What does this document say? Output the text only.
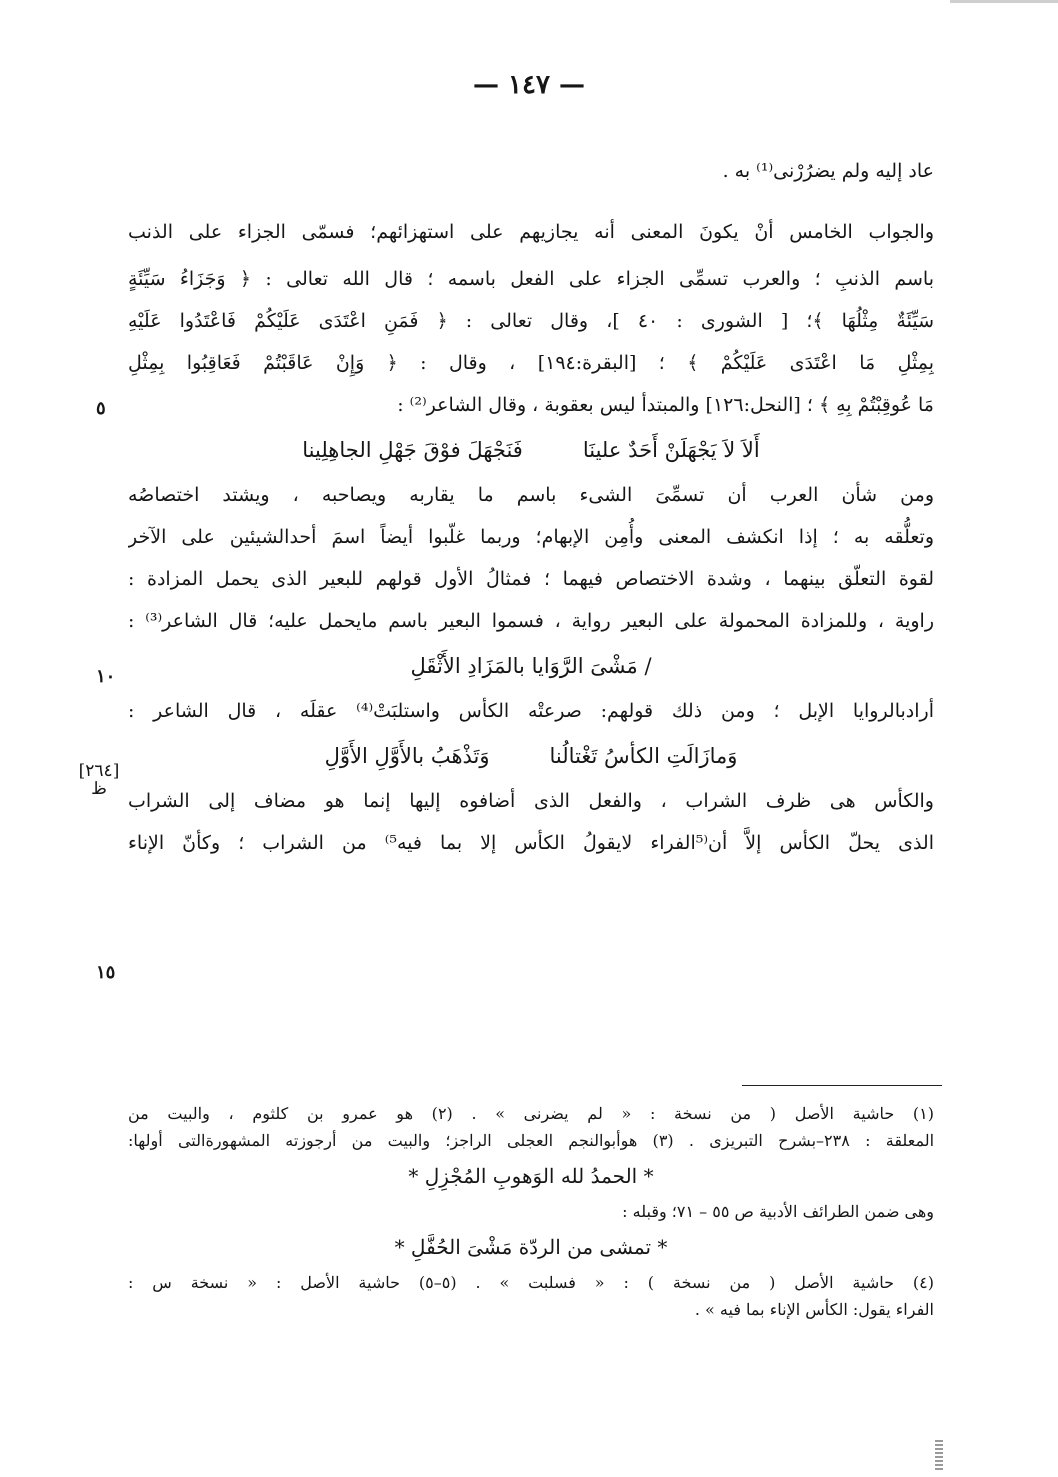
— ١٤٧ —
عاد إليه ولم يضرُرْنى⁽¹⁾ به .
والجواب الخامس أنْ يكونَ المعنى أنه يجازيهم على استهزائهم؛ فسمّى الجزاء على الذنب
باسم الذنبِ ؛ والعرب تسمِّى الجزاء على الفعل باسمه ؛ قال الله تعالى : ﴿ وَجَزَاءُ سَيِّئَةٍ
سَيِّئَةٌ مِثْلُهَا ﴾؛ [ الشورى : ٤٠ ]، وقال تعالى : ﴿ فَمَنِ اعْتَدَى عَلَيْكُمْ فَاعْتَدُوا عَلَيْهِ
بِمِثْلِ مَا اعْتَدَى عَلَيْكُمْ ﴾ ؛ [البقرة:١٩٤] ، وقال : ﴿ وَإِنْ عَاقَبْتُمْ فَعَاقِبُوا بِمِثْلِ
مَا عُوقِبْتُمْ بِهِ ﴾ ؛ [النحل:١٢٦] والمبتدأ ليس بعقوبة ، وقال الشاعر⁽²⁾ :
أَلاَ لاَ يَجْهَلَنْ أَحَدٌ علينَا
فَنَجْهَلَ فوْقَ جَهْلِ الجاهِلِينا
ومن شأن العرب أن تسمِّىَ الشىء باسم ما يقاربه ويصاحبه ، ويشتد اختصاصُه
وتعلُّقه به ؛ إذا انكشف المعنى وأُمِن الإبهام؛ وربما غلّبوا أيضاً اسمَ أحدالشيئين على الآخر
لقوة التعلّق بينهما ، وشدة الاختصاص فيهما ؛ فمثالُ الأول قولهم للبعير الذى يحمل المزادة :
راوية ، وللمزادة المحمولة على البعير رواية ، فسموا البعير باسم مايحمل عليه؛ قال الشاعر⁽³⁾ :
/ مَشْىَ الرَّوَايا بالمَزَادِ الأَثْقَلِ
أرادبالروايا الإبل ؛ ومن ذلك قولهم: صرعتْه الكأس واستلبَتْ⁽⁴⁾ عقلَه ، قال الشاعر :
وَمازَالَتِ الكأسُ تَغْتالُنا
وَتَذْهَبُ بالأَوَّلِ الأَوَّلِ
والكأس هى ظرف الشراب ، والفعل الذى أضافوه إليها إنما هو مضاف إلى الشراب
الذى يحلّ الكأس إلاَّ أن⁽⁵الفراء لايقولُ الكأس إلا بما فيه⁵⁾ من الشراب ؛ وكأنّ الإناء
٥
١٠
١٥
[٢٦٤]
ظ
(١) حاشية الأصل ( من نسخة : « لم يضرنى » . (٢) هو عمرو بن كلثوم ، والبيت من
المعلقة : ٢٣٨–بشرح التبريزى . (٣) هوأبوالنجم العجلى الراجز؛ والبيت من أرجوزته المشهورةالتى أولها:
* الحمدُ لله الوَهوبِ المُجْزِلِ *
وهى ضمن الطرائف الأدبية ص ٥٥ – ٧١؛ وقبله :
* تمشى من الردّة مَشْىَ الحُفَّلِ *
(٤) حاشية الأصل ( من نسخة ) : « فسلبت » . (٥–٥) حاشية الأصل : « نسخة س :
الفراء يقول: الكأس الإناء بما فيه » .
